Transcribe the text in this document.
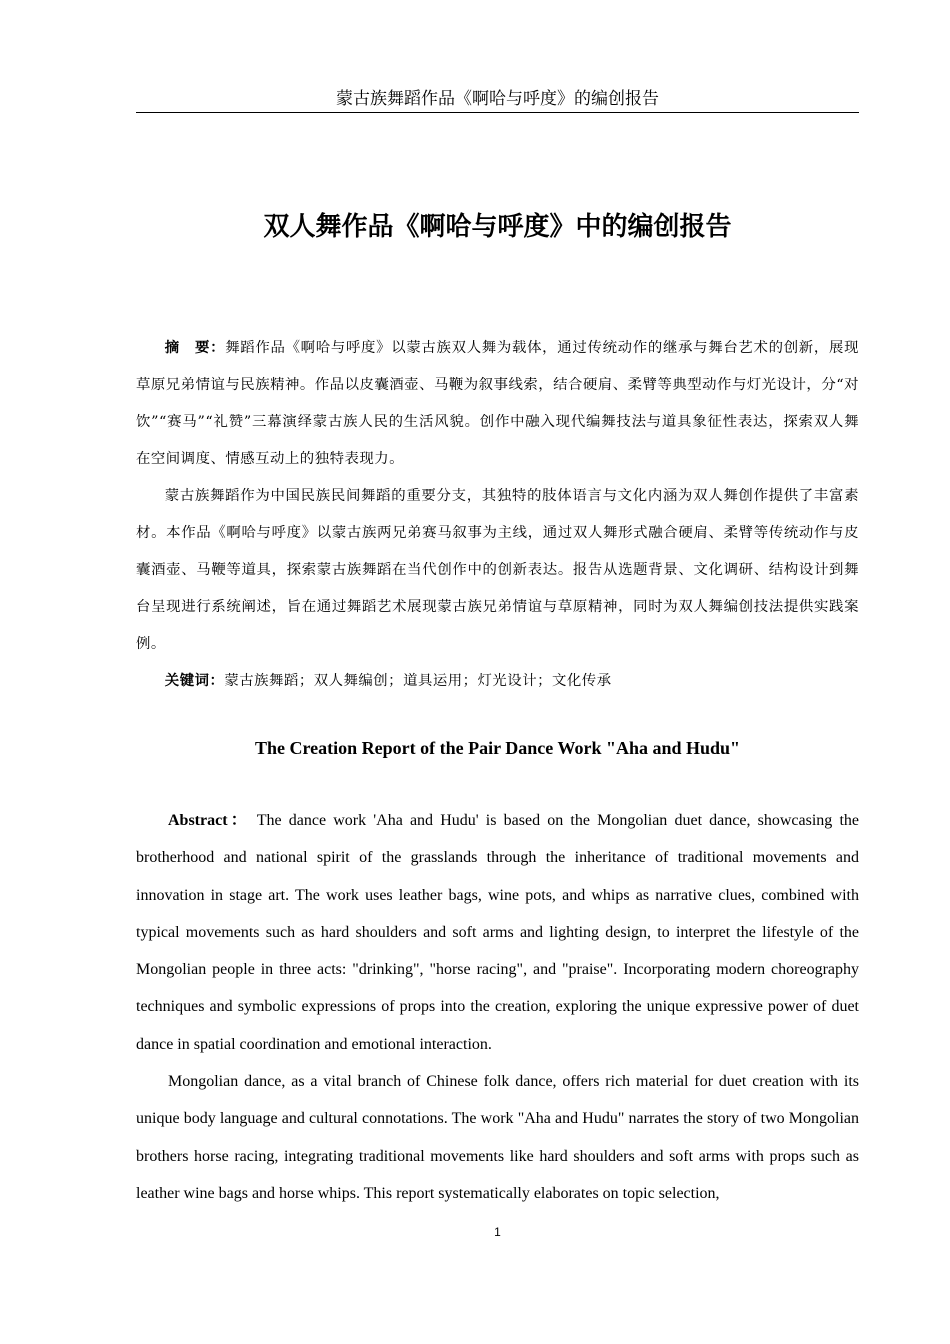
蒙古族舞蹈作品《啊哈与呼度》的编创报告
双人舞作品《啊哈与呼度》中的编创报告

摘　要：舞蹈作品《啊哈与呼度》以蒙古族双人舞为载体，通过传统动作的继承与舞台艺术的创新，展现草原兄弟情谊与民族精神。作品以皮囊酒壶、马鞭为叙事线索，结合硬肩、柔臂等典型动作与灯光设计，分“对饮”“赛马”“礼赞”三幕演绎蒙古族人民的生活风貌。创作中融入现代编舞技法与道具象征性表达，探索双人舞在空间调度、情感互动上的独特表现力。

蒙古族舞蹈作为中国民族民间舞蹈的重要分支，其独特的肢体语言与文化内涵为双人舞创作提供了丰富素材。本作品《啊哈与呼度》以蒙古族两兄弟赛马叙事为主线，通过双人舞形式融合硬肩、柔臂等传统动作与皮囊酒壶、马鞭等道具，探索蒙古族舞蹈在当代创作中的创新表达。报告从选题背景、文化调研、结构设计到舞台呈现进行系统阐述，旨在通过舞蹈艺术展现蒙古族兄弟情谊与草原精神，同时为双人舞编创技法提供实践案例。

关键词：蒙古族舞蹈；双人舞编创；道具运用；灯光设计；文化传承

The Creation Report of the Pair Dance Work "Aha and Hudu"

Abstract： The dance work 'Aha and Hudu' is based on the Mongolian duet dance, showcasing the brotherhood and national spirit of the grasslands through the inheritance of traditional movements and innovation in stage art. The work uses leather bags, wine pots, and whips as narrative clues, combined with typical movements such as hard shoulders and soft arms and lighting design, to interpret the lifestyle of the Mongolian people in three acts: "drinking", "horse racing", and "praise". Incorporating modern choreography techniques and symbolic expressions of props into the creation, exploring the unique expressive power of duet dance in spatial coordination and emotional interaction.

Mongolian dance, as a vital branch of Chinese folk dance, offers rich material for duet creation with its unique body language and cultural connotations. The work "Aha and Hudu" narrates the story of two Mongolian brothers horse racing, integrating traditional movements like hard shoulders and soft arms with props such as leather wine bags and horse whips. This report systematically elaborates on topic selection,

1
